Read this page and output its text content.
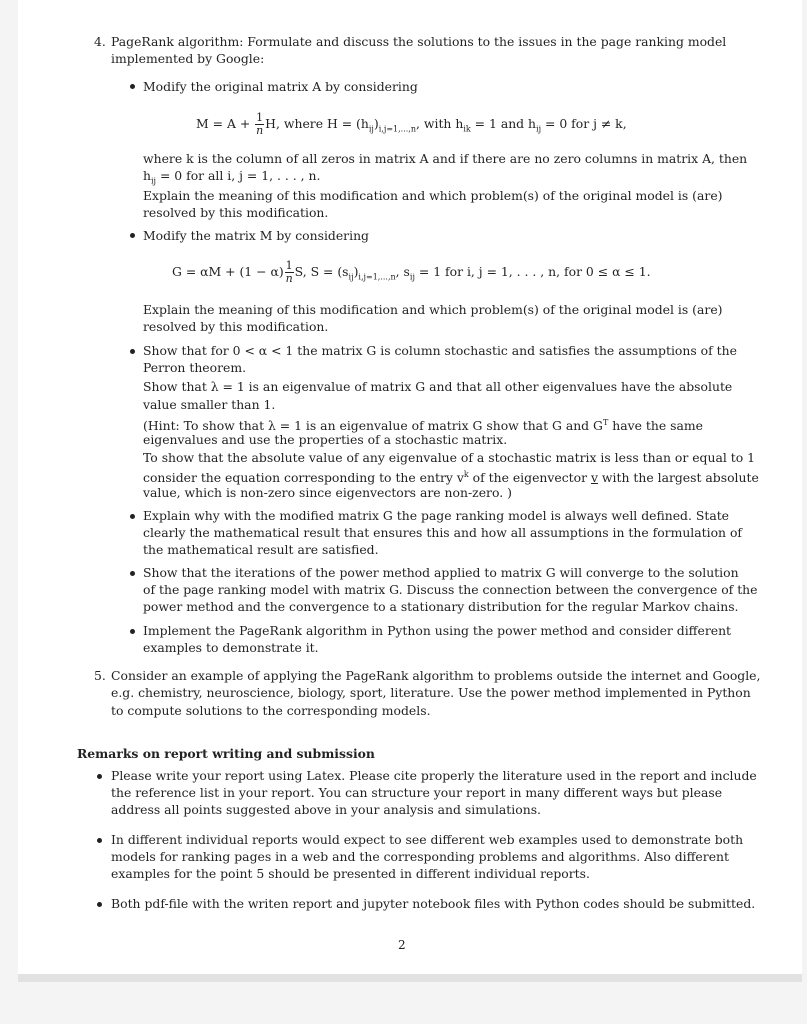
4. PageRank algorithm: Formulate and discuss the solutions to the issues in the page ranking model
implemented by Google:
Modify the original matrix A by considering
$M = A + \frac{1}{n} H$, where $H = (h_{ij})_{i,j=1,...,n}$, with $h_{ik} = 1$ and $h_{ij} = 0$ for j ≠ k,
where k is the column of all zeros in matrix A and if there are no zero columns in matrix A, then
$h_{ij} = 0$ for all i, j = 1, . . . , n.
Explain the meaning of this modification and which problem(s) of the original model is (are)
resolved by this modification.
Modify the matrix M by considering
$G = \alpha M + (1 - \alpha) \frac{1}{n} S$, $S = (s_{ij})_{i,j=1,...,n}$, $s_{ij} = 1$ for i, j = 1, . . . , n, for 0 ≤ α ≤ 1.
Explain the meaning of this modification and which problem(s) of the original model is (are)
resolved by this modification.
Show that for 0 < α < 1 the matrix G is column stochastic and satisfies the assumptions of the
Perron theorem.
Show that λ = 1 is an eigenvalue of matrix G and that all other eigenvalues have the absolute
value smaller than 1.
(Hint: To show that λ = 1 is an eigenvalue of matrix G show that G and $G^T$ have the same
eigenvalues and use the properties of a stochastic matrix.
To show that the absolute value of any eigenvalue of a stochastic matrix is less than or equal to 1
consider the equation corresponding to the entry $v^k$ of the eigenvector v with the largest absolute
value, which is non-zero since eigenvectors are non-zero. )
Explain why with the modified matrix G the page ranking model is always well defined. State
clearly the mathematical result that ensures this and how all assumptions in the formulation of
the mathematical result are satisfied.
Show that the iterations of the power method applied to matrix G will converge to the solution
of the page ranking model with matrix G. Discuss the connection between the convergence of the
power method and the convergence to a stationary distribution for the regular Markov chains.
Implement the PageRank algorithm in Python using the power method and consider different
examples to demonstrate it.
5. Consider an example of applying the PageRank algorithm to problems outside the internet and Google,
e.g. chemistry, neuroscience, biology, sport, literature. Use the power method implemented in Python
to compute solutions to the corresponding models.
Remarks on report writing and submission
Please write your report using Latex. Please cite properly the literature used in the report and include
the reference list in your report. You can structure your report in many different ways but please
address all points suggested above in your analysis and simulations.
In different individual reports would expect to see different web examples used to demonstrate both
models for ranking pages in a web and the corresponding problems and algorithms. Also different
examples for the point 5 should be presented in different individual reports.
Both pdf-file with the writen report and jupyter notebook files with Python codes should be submitted.
2
